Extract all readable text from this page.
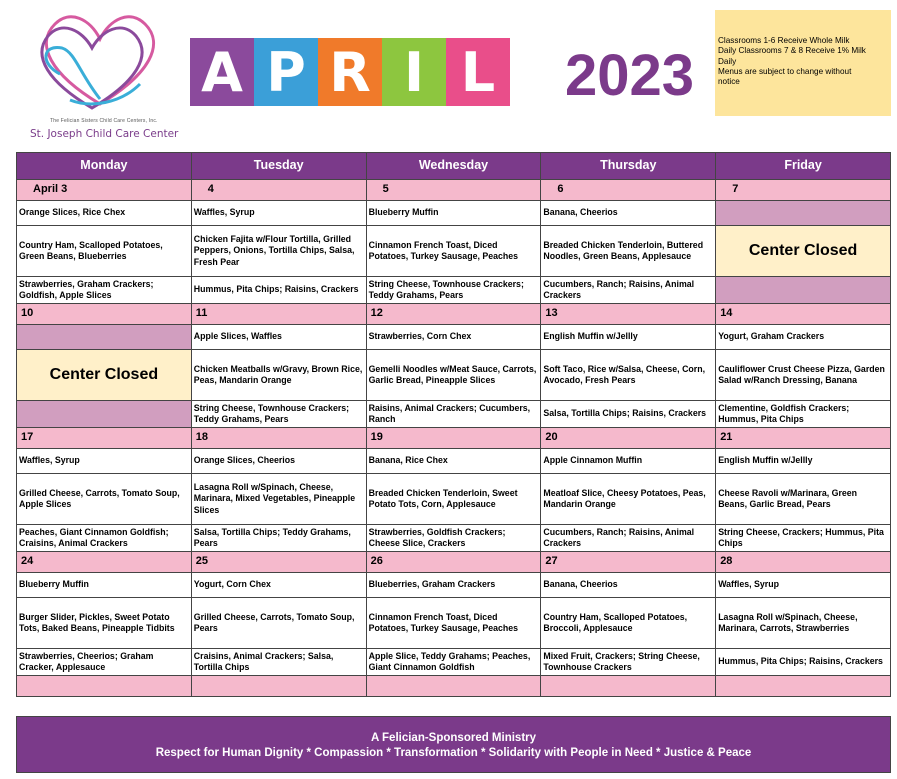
The Felician Sisters Child Care Centers, Inc.
St. Joseph Child Care Center
A P R I L 2023
Classrooms 1-6 Receive Whole Milk
Daily Classrooms 7 & 8 Receive 1% Milk
Daily
Menus are subject to change without
notice
Monday	Tuesday	Wednesday	Thursday	Friday
April 3	4	5	6	7
Orange Slices, Rice Chex	Waffles, Syrup	Blueberry Muffin	Banana, Cheerios	
Country Ham, Scalloped Potatoes, Green Beans, Blueberries	Chicken Fajita w/Flour Tortilla, Grilled Peppers, Onions, Tortilla Chips, Salsa, Fresh Pear	Cinnamon French Toast, Diced Potatoes, Turkey Sausage, Peaches	Breaded Chicken Tenderloin, Buttered Noodles, Green Beans, Applesauce	Center Closed
Strawberries, Graham Crackers; Goldfish, Apple Slices	Hummus, Pita Chips; Raisins, Crackers	String Cheese, Townhouse Crackers; Teddy Grahams, Pears	Cucumbers, Ranch; Raisins, Animal Crackers	
10	11	12	13	14
	Apple Slices, Waffles	Strawberries, Corn Chex	English Muffin w/Jellly	Yogurt, Graham Crackers
Center Closed	Chicken Meatballs w/Gravy, Brown Rice, Peas, Mandarin Orange	Gemelli Noodles w/Meat Sauce, Carrots, Garlic Bread, Pineapple Slices	Soft Taco, Rice w/Salsa, Cheese, Corn, Avocado, Fresh Pears	Cauliflower Crust Cheese Pizza, Garden Salad w/Ranch Dressing, Banana
	String Cheese, Townhouse Crackers; Teddy Grahams, Pears	Raisins, Animal Crackers; Cucumbers, Ranch	Salsa, Tortilla Chips; Raisins, Crackers	Clementine, Goldfish Crackers; Hummus, Pita Chips
17	18	19	20	21
Waffles, Syrup	Orange Slices, Cheerios	Banana, Rice Chex	Apple Cinnamon Muffin	English Muffin w/Jellly
Grilled Cheese, Carrots, Tomato Soup, Apple Slices	Lasagna Roll w/Spinach, Cheese, Marinara, Mixed Vegetables, Pineapple Slices	Breaded Chicken Tenderloin, Sweet Potato Tots, Corn, Applesauce	Meatloaf Slice, Cheesy Potatoes, Peas, Mandarin Orange	Cheese Ravoli w/Marinara, Green Beans, Garlic Bread, Pears
Peaches, Giant Cinnamon Goldfish; Craisins, Animal Crackers	Salsa, Tortilla Chips; Teddy Grahams, Pears	Strawberries, Goldfish Crackers; Cheese Slice, Crackers	Cucumbers, Ranch; Raisins, Animal Crackers	String Cheese, Crackers; Hummus, Pita Chips
24	25	26	27	28
Blueberry Muffin	Yogurt, Corn Chex	Blueberries, Graham Crackers	Banana, Cheerios	Waffles, Syrup
Burger Slider, Pickles, Sweet Potato Tots, Baked Beans, Pineapple Tidbits	Grilled Cheese, Carrots, Tomato Soup, Pears	Cinnamon French Toast, Diced Potatoes, Turkey Sausage, Peaches	Country Ham, Scalloped Potatoes, Broccoli, Applesauce	Lasagna Roll w/Spinach, Cheese, Marinara, Carrots, Strawberries
Strawberries, Cheerios; Graham Cracker, Applesauce	Craisins, Animal Crackers; Salsa, Tortilla Chips	Apple Slice, Teddy Grahams; Peaches, Giant Cinnamon Goldfish	Mixed Fruit, Crackers; String Cheese, Townhouse Crackers	Hummus, Pita Chips; Raisins, Crackers

A Felician-Sponsored Ministry
Respect for Human Dignity * Compassion * Transformation * Solidarity with People in Need * Justice & Peace
